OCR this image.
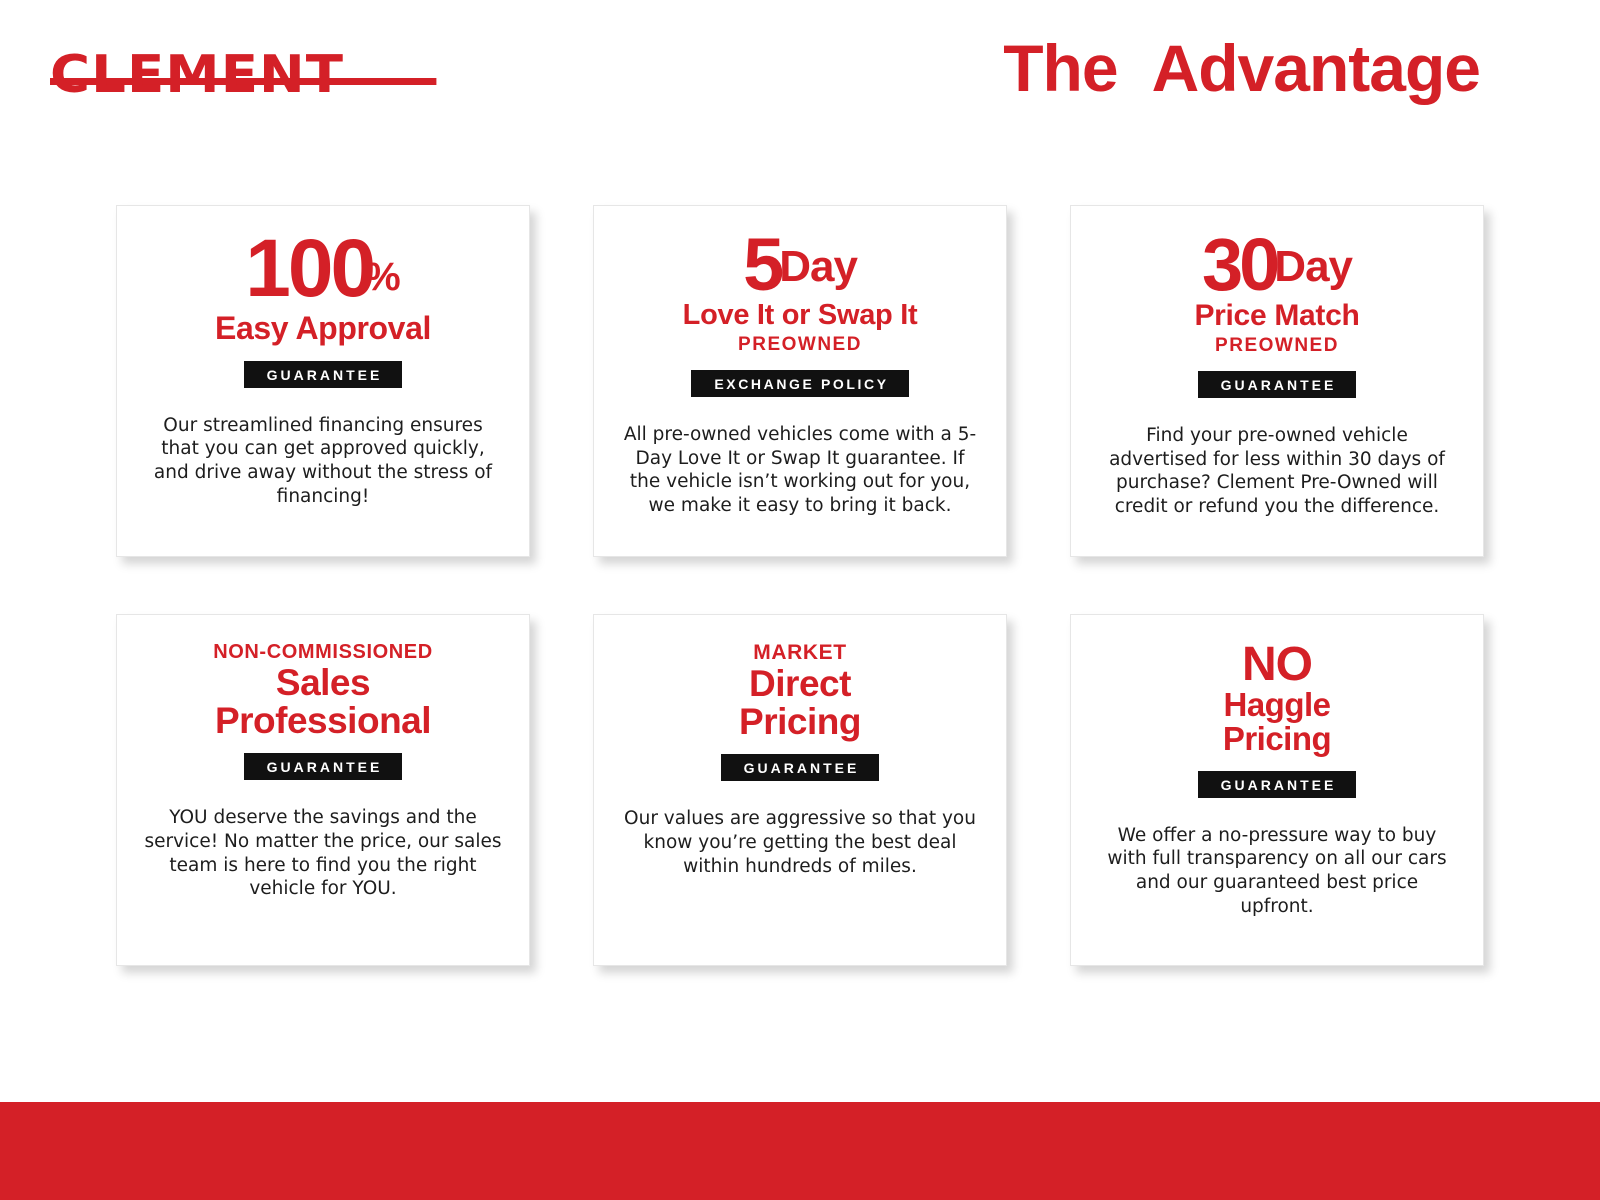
CLEMENT	The Advantage
100
%
Easy Approval
GUARANTEE
Our streamlined financing ensures that you can get approved quickly, and drive away without the stress of financing!
5
Day
Love It or Swap It
PREOWNED
EXCHANGE POLICY
All pre-owned vehicles come with a 5-Day Love It or Swap It guarantee. If the vehicle isn’t working out for you, we make it easy to bring it back.
30
Day
Price Match
PREOWNED
GUARANTEE
Find your pre-owned vehicle advertised for less within 30 days of purchase? Clement Pre-Owned will credit or refund you the difference.
NON-COMMISSIONED
Sales
Professional
GUARANTEE
YOU deserve the savings and the service! No matter the price, our sales team is here to find you the right vehicle for YOU.
MARKET
Direct
Pricing
GUARANTEE
Our values are aggressive so that you know you’re getting the best deal within hundreds of miles.
NO
Haggle
Pricing
GUARANTEE
We offer a no-pressure way to buy with full transparency on all our cars and our guaranteed best price upfront.
